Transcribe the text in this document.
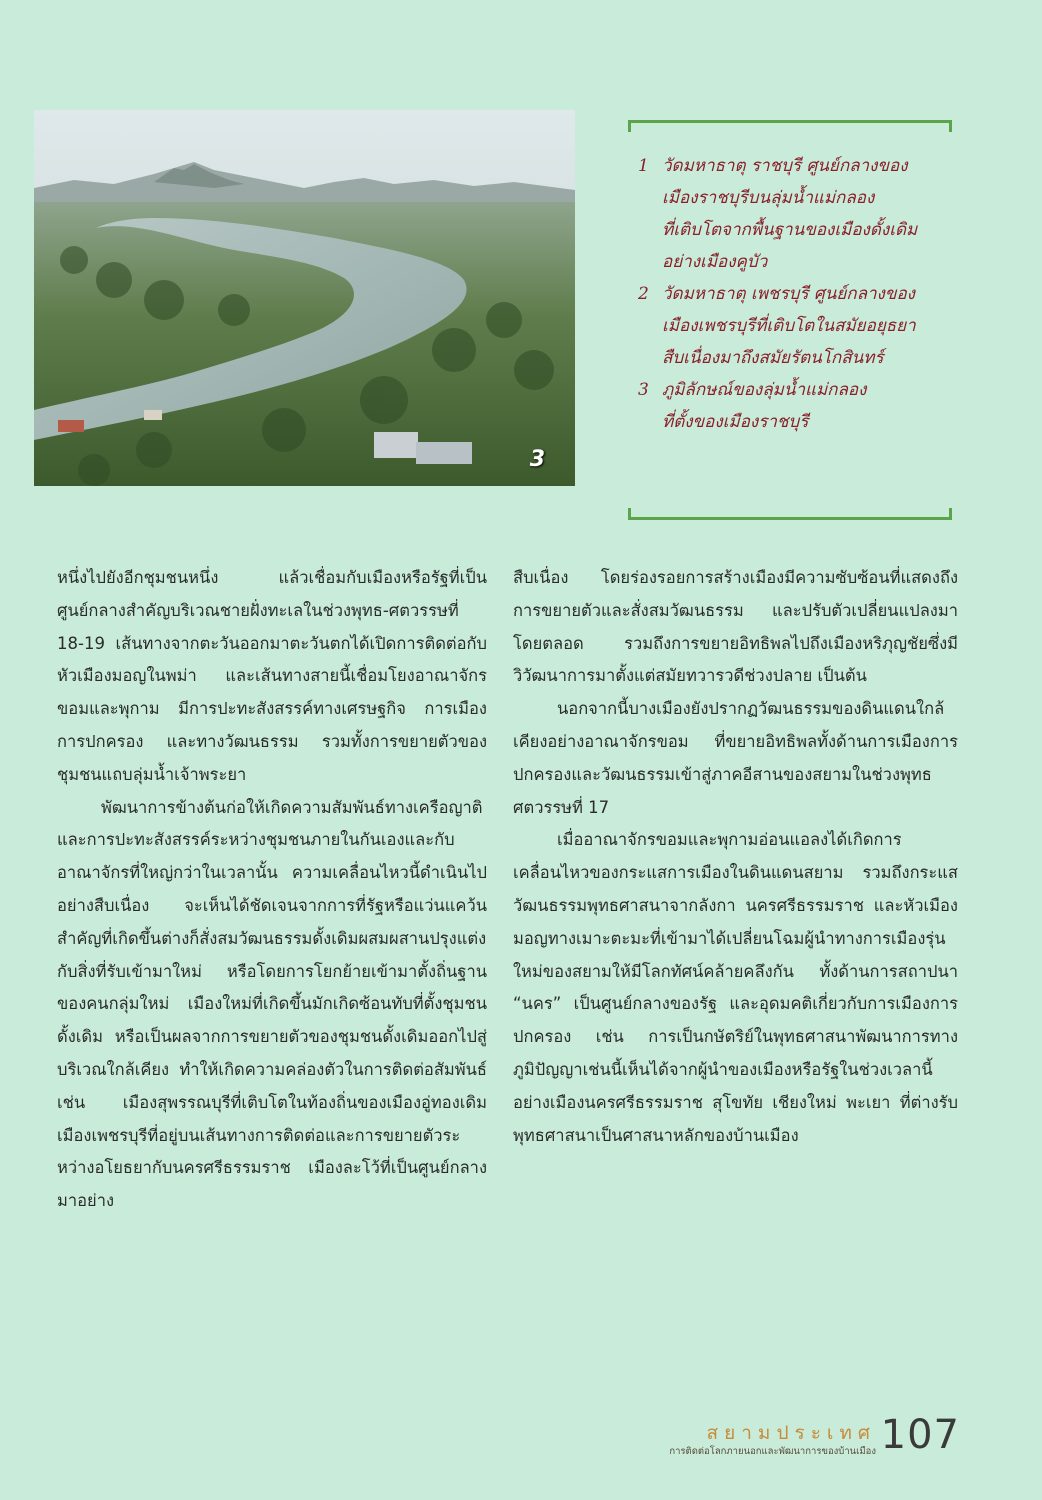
3
1 วัดมหาธาตุ ราชบุรี ศูนย์กลางของ
เมืองราชบุรีบนลุ่มน้ำแม่กลอง
ที่เติบโตจากพื้นฐานของเมืองดั้งเดิม
อย่างเมืองคูบัว
2 วัดมหาธาตุ เพชรบุรี ศูนย์กลางของ
เมืองเพชรบุรีที่เติบโตในสมัยอยุธยา
สืบเนื่องมาถึงสมัยรัตนโกสินทร์
3 ภูมิลักษณ์ของลุ่มน้ำแม่กลอง
ที่ตั้งของเมืองราชบุรี

หนึ่งไปยังอีกชุมชนหนึ่ง แล้วเชื่อมกับเมืองหรือรัฐที่เป็นศูนย์กลางสำคัญบริเวณชายฝั่งทะเลในช่วงพุทธ-ศตวรรษที่ 18-19 เส้นทางจากตะวันออกมาตะวันตกได้เปิดการติดต่อกับหัวเมืองมอญในพม่า และเส้นทางสายนี้เชื่อมโยงอาณาจักรขอมและพุกาม มีการปะทะสังสรรค์ทางเศรษฐกิจ การเมืองการปกครอง และทางวัฒนธรรม รวมทั้งการขยายตัวของชุมชนแถบลุ่มน้ำเจ้าพระยา

พัฒนาการข้างต้นก่อให้เกิดความสัมพันธ์ทางเครือญาติและการปะทะสังสรรค์ระหว่างชุมชนภายในกันเองและกับอาณาจักรที่ใหญ่กว่าในเวลานั้น ความเคลื่อนไหวนี้ดำเนินไปอย่างสืบเนื่อง จะเห็นได้ชัดเจนจากการที่รัฐหรือแว่นแคว้นสำคัญที่เกิดขึ้นต่างก็สั่งสมวัฒนธรรมดั้งเดิมผสมผสานปรุงแต่งกับสิ่งที่รับเข้ามาใหม่ หรือโดยการโยกย้ายเข้ามาตั้งถิ่นฐานของคนกลุ่มใหม่ เมืองใหม่ที่เกิดขึ้นมักเกิดซ้อนทับที่ตั้งชุมชนดั้งเดิม หรือเป็นผลจากการขยายตัวของชุมชนดั้งเดิมออกไปสู่บริเวณใกล้เคียง ทำให้เกิดความคล่องตัวในการติดต่อสัมพันธ์ เช่น เมืองสุพรรณบุรีที่เติบโตในท้องถิ่นของเมืองอู่ทองเดิม เมืองเพชรบุรีที่อยู่บนเส้นทางการติดต่อและการขยายตัวระหว่างอโยธยากับนครศรีธรรมราช เมืองละโว้ที่เป็นศูนย์กลางมาอย่าง

สืบเนื่อง โดยร่องรอยการสร้างเมืองมีความซับซ้อนที่แสดงถึงการขยายตัวและสั่งสมวัฒนธรรม และปรับตัวเปลี่ยนแปลงมาโดยตลอด รวมถึงการขยายอิทธิพลไปถึงเมืองหริภุญชัยซึ่งมีวิวัฒนาการมาตั้งแต่สมัยทวารวดีช่วงปลาย เป็นต้น

นอกจากนี้บางเมืองยังปรากฏวัฒนธรรมของดินแดนใกล้เคียงอย่างอาณาจักรขอม ที่ขยายอิทธิพลทั้งด้านการเมืองการปกครองและวัฒนธรรมเข้าสู่ภาคอีสานของสยามในช่วงพุทธศตวรรษที่ 17

เมื่ออาณาจักรขอมและพุกามอ่อนแอลงได้เกิดการเคลื่อนไหวของกระแสการเมืองในดินแดนสยาม รวมถึงกระแสวัฒนธรรมพุทธศาสนาจากลังกา นครศรีธรรมราช และหัวเมืองมอญทางเมาะตะมะที่เข้ามาได้เปลี่ยนโฉมผู้นำทางการเมืองรุ่นใหม่ของสยามให้มีโลกทัศน์คล้ายคลึงกัน ทั้งด้านการสถาปนา “นคร” เป็นศูนย์กลางของรัฐ และอุดมคติเกี่ยวกับการเมืองการปกครอง เช่น การเป็นกษัตริย์ในพุทธศาสนาพัฒนาการทางภูมิปัญญาเช่นนี้เห็นได้จากผู้นำของเมืองหรือรัฐในช่วงเวลานี้ อย่างเมืองนครศรีธรรมราช สุโขทัย เชียงใหม่ พะเยา ที่ต่างรับพุทธศาสนาเป็นศาสนาหลักของบ้านเมือง

สยามประเทศ
การติดต่อโลกภายนอกและพัฒนาการของบ้านเมือง 107
